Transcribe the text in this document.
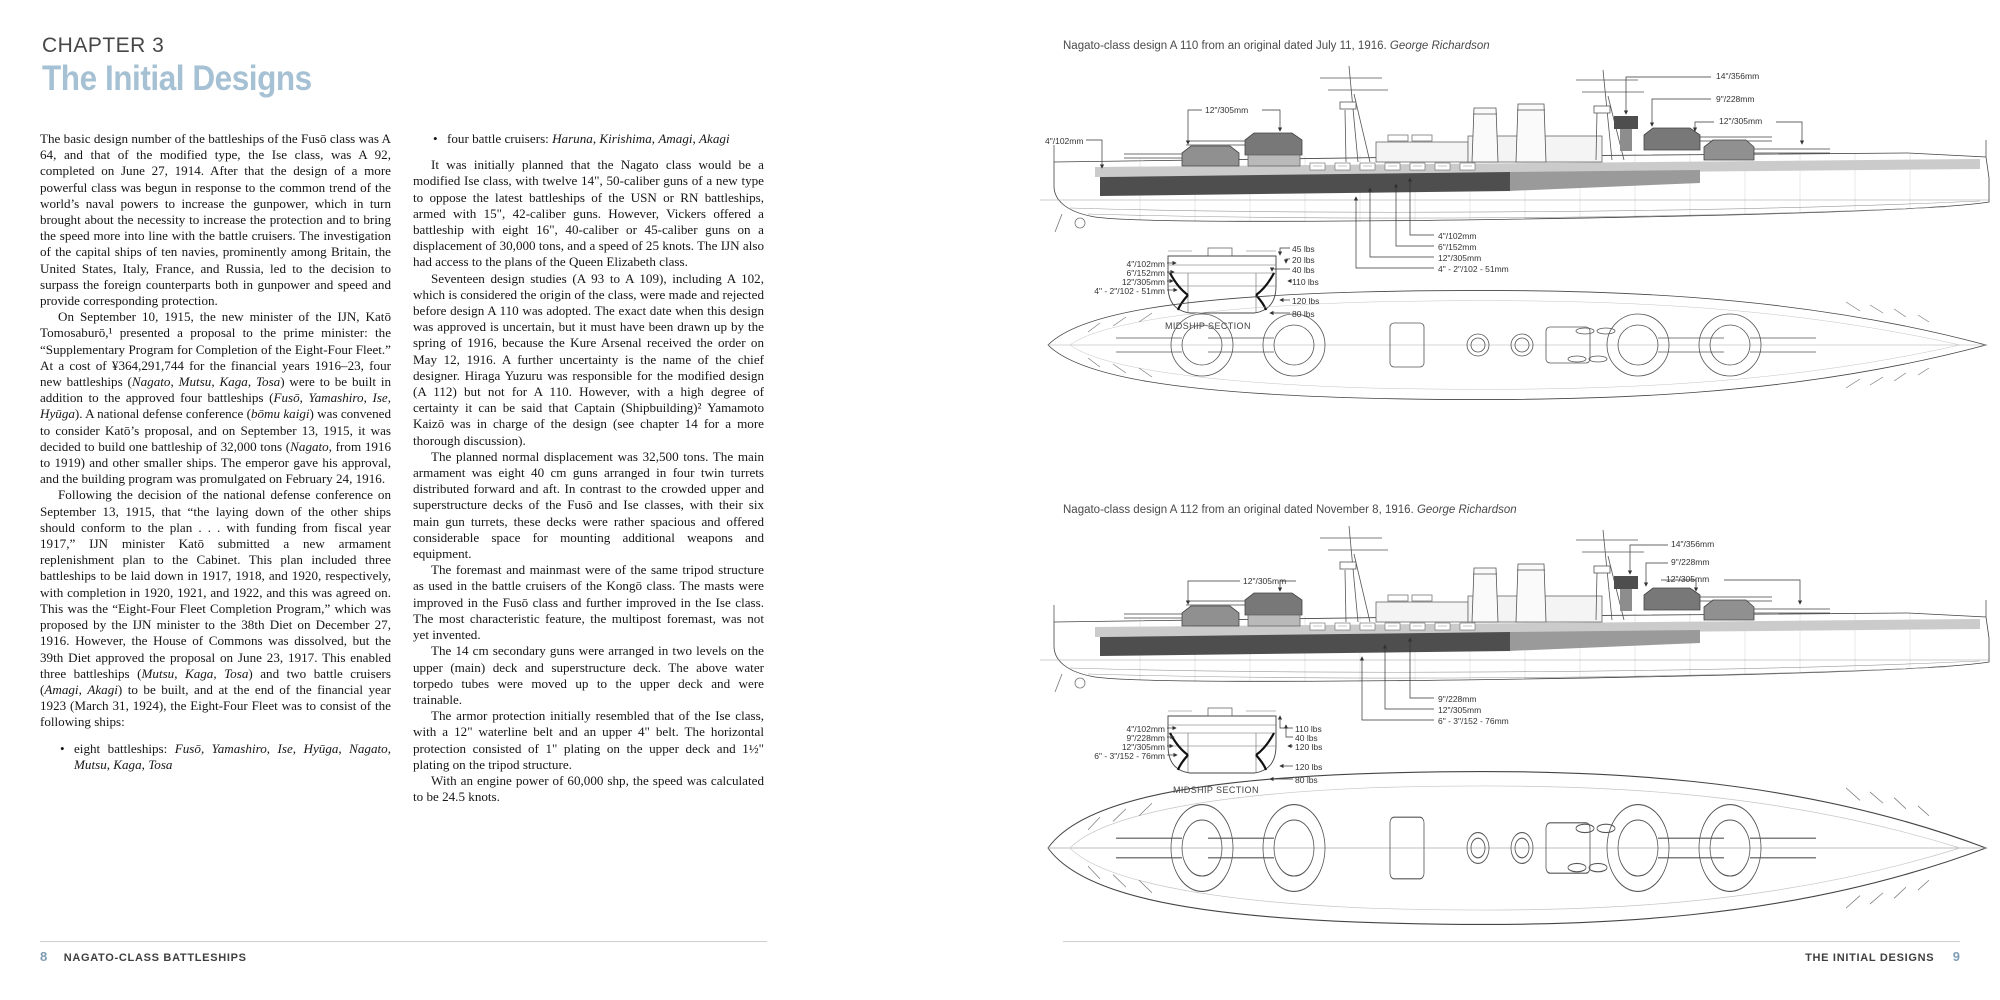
CHAPTER 3
The Initial Designs

The basic design number of the battleships of the Fusō class was A 64, and that of the modified type, the Ise class, was A 92, completed on June 27, 1914. After that the design of a more powerful class was begun in response to the common trend of the world’s naval powers to increase the gunpower, which in turn brought about the necessity to increase the protection and to bring the speed more into line with the battle cruisers. The investigation of the capital ships of ten navies, prominently among Britain, the United States, Italy, France, and Russia, led to the decision to surpass the foreign counterparts both in gunpower and speed and provide corresponding protection.

On September 10, 1915, the new minister of the IJN, Katō Tomosaburō,¹ presented a proposal to the prime minister: the “Supplementary Program for Completion of the Eight-Four Fleet.” At a cost of ¥364,291,744 for the financial years 1916–23, four new battleships (Nagato, Mutsu, Kaga, Tosa) were to be built in addition to the approved four battleships (Fusō, Yamashiro, Ise, Hyūga). A national defense conference (bōmu kaigi) was convened to consider Katō’s proposal, and on September 13, 1915, it was decided to build one battleship of 32,000 tons (Nagato, from 1916 to 1919) and other smaller ships. The emperor gave his approval, and the building program was promulgated on February 24, 1916.

Following the decision of the national defense conference on September 13, 1915, that “the laying down of the other ships should conform to the plan . . . with funding from fiscal year 1917,” IJN minister Katō submitted a new armament replenishment plan to the Cabinet. This plan included three battleships to be laid down in 1917, 1918, and 1920, respectively, with completion in 1920, 1921, and 1922, and this was agreed on. This was the “Eight-Four Fleet Completion Program,” which was proposed by the IJN minister to the 38th Diet on December 27, 1916. However, the House of Commons was dissolved, but the 39th Diet approved the proposal on June 23, 1917. This enabled three battleships (Mutsu, Kaga, Tosa) and two battle cruisers (Amagi, Akagi) to be built, and at the end of the financial year 1923 (March 31, 1924), the Eight-Four Fleet was to consist of the following ships:

• eight battleships: Fusō, Yamashiro, Ise, Hyūga, Nagato, Mutsu, Kaga, Tosa

• four battle cruisers: Haruna, Kirishima, Amagi, Akagi

It was initially planned that the Nagato class would be a modified Ise class, with twelve 14", 50-caliber guns of a new type to oppose the latest battleships of the USN or RN battleships, armed with 15", 42-caliber guns. However, Vickers offered a battleship with eight 16", 40-caliber or 45-caliber guns on a displacement of 30,000 tons, and a speed of 25 knots. The IJN also had access to the plans of the Queen Elizabeth class.

Seventeen design studies (A 93 to A 109), including A 102, which is considered the origin of the class, were made and rejected before design A 110 was adopted. The exact date when this design was approved is uncertain, but it must have been drawn up by the spring of 1916, because the Kure Arsenal received the order on May 12, 1916. A further uncertainty is the name of the chief designer. Hiraga Yuzuru was responsible for the modified design (A 112) but not for A 110. However, with a high degree of certainty it can be said that Captain (Shipbuilding)² Yamamoto Kaizō was in charge of the design (see chapter 14 for a more thorough discussion).

The planned normal displacement was 32,500 tons. The main armament was eight 40 cm guns arranged in four twin turrets distributed forward and aft. In contrast to the crowded upper and superstructure decks of the Fusō and Ise classes, with their six main gun turrets, these decks were rather spacious and offered considerable space for mounting additional weapons and equipment.

The foremast and mainmast were of the same tripod structure as used in the battle cruisers of the Kongō class. The masts were improved in the Fusō class and further improved in the Ise class. The most characteristic feature, the multipost foremast, was not yet invented.

The 14 cm secondary guns were arranged in two levels on the upper (main) deck and superstructure deck. The above water torpedo tubes were moved up to the upper deck and were trainable.

The armor protection initially resembled that of the Ise class, with a 12" waterline belt and an upper 4" belt. The horizontal protection consisted of 1" plating on the upper deck and 1½" plating on the tripod structure.

With an engine power of 60,000 shp, the speed was calculated to be 24.5 knots.

8 NAGATO-CLASS BATTLESHIPS
Nagato-class design A 110 from an original dated July 11, 1916. George Richardson
14"/356mm
9"/228mm
12"/305mm
12"/305mm
4"/102mm
4"/102mm
6"/152mm
12"/305mm
4" - 2"/102 - 51mm
4"/102mm
6"/152mm
12"/305mm
4" - 2"/102 - 51mm
45 lbs
20 lbs
40 lbs
110 lbs
120 lbs
80 lbs
MIDSHIP SECTION
Nagato-class design A 112 from an original dated November 8, 1916. George Richardson
14"/356mm
9"/228mm
12"/305mm
12"/305mm
9"/228mm
12"/305mm
6" - 3"/152 - 76mm
4"/102mm
9"/228mm
12"/305mm
6" - 3"/152 - 76mm
110 lbs
40 lbs
120 lbs
120 lbs
80 lbs
MIDSHIP SECTION
THE INITIAL DESIGNS 9
